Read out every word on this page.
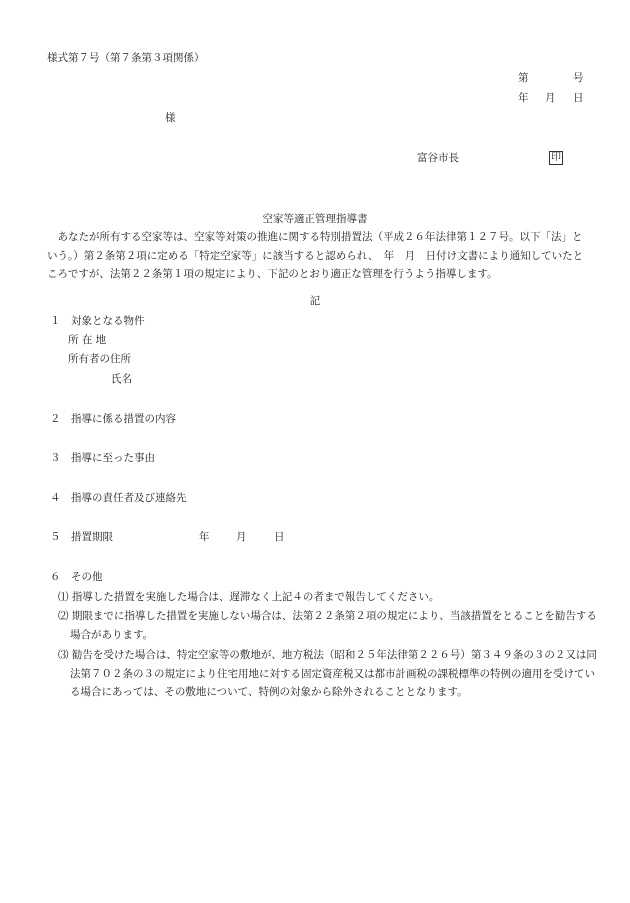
様式第７号（第７条第３項関係）
第	号
年 月 日
様
富谷市長	印
空家等適正管理指導書
　あなたが所有する空家等は、空家等対策の推進に関する特別措置法（平成２６年法律第１２７号。以下「法」という。）第２条第２項に定める「特定空家等」に該当すると認められ、　年　月　日付け文書により通知していたところですが、法第２２条第１項の規定により、下記のとおり適正な管理を行うよう指導します。
記
１　対象となる物件
所 在 地
所有者の住所
氏名
２　指導に係る措置の内容
３　指導に至った事由
４　指導の責任者及び連絡先
５　措置期限	年	月	日
６　その他
⑴ 指導した措置を実施した場合は、遅滞なく上記４の者まで報告してください。
⑵ 期限までに指導した措置を実施しない場合は、法第２２条第２項の規定により、当該措置をとることを勧告する場合があります。
⑶ 勧告を受けた場合は、特定空家等の敷地が、地方税法（昭和２５年法律第２２６号）第３４９条の３の２又は同法第７０２条の３の規定により住宅用地に対する固定資産税又は都市計画税の課税標準の特例の適用を受けている場合にあっては、その敷地について、特例の対象から除外されることとなります。
